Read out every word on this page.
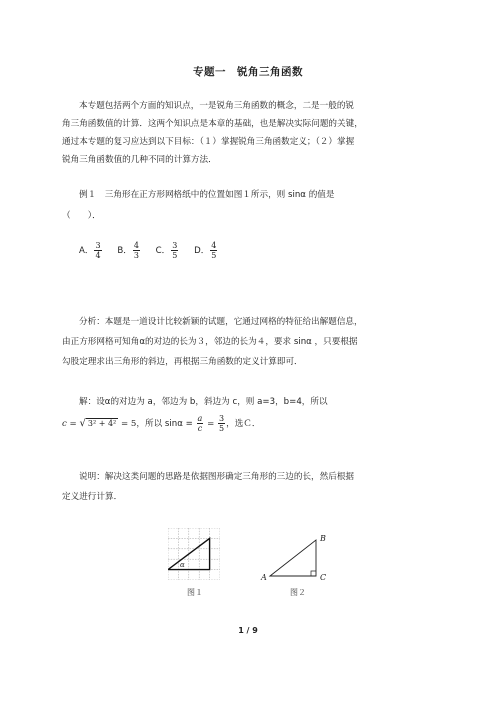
专题一　锐角三角函数
本专题包括两个方面的知识点，一是锐角三角函数的概念，二是一般的锐
角三角函数值的计算．这两个知识点是本章的基础，也是解决实际问题的关键，
通过本专题的复习应达到以下目标：（１）掌握锐角三角函数定义；（２）掌握
锐角三角函数值的几种不同的计算方法．
例１　三角形在正方形网格纸中的位置如图１所示，则 sinα 的值是
（　　）．
A． $\frac{3}{4}$ B． $\frac{4}{3}$ C． $\frac{3}{5}$ D． $\frac{4}{5}$
分析：本题是一道设计比较新颖的试题，它通过网格的特征给出解题信息，
由正方形网格可知角α的对边的长为３，邻边的长为４，要求 sinα ，只要根据
勾股定理求出三角形的斜边，再根据三角函数的定义计算即可．
解：设α的对边为 a，邻边为 b，斜边为 c，则 a=3，b=4，所以
c = √ 3² + 4² = 5，所以 $\sin\alpha = \frac{a}{c} = \frac{3}{5}$ ，选Ｃ．
说明：解决这类问题的思路是依据图形确定三角形的三边的长，然后根据
定义进行计算．
α
图１
A
B
C
图２
1 / 9
